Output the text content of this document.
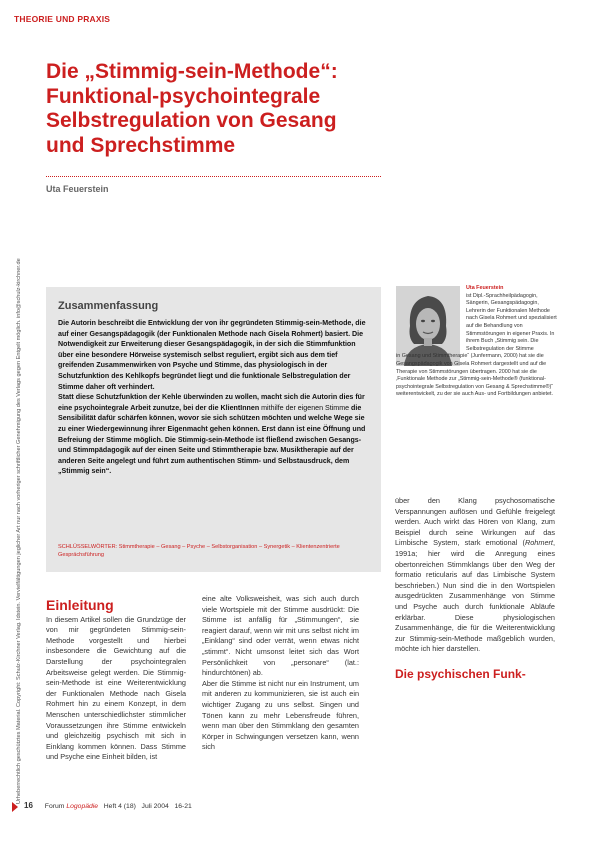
THEORIE UND PRAXIS
Urheberrechtlich geschütztes Material. Copyright: Schulz-Kirchner Verlag. Idstein. Vervielfältigungen jeglicher Art nur nach vorheriger schriftlicher Genehmigung des Verlags gegen Entgelt möglich. info@schulz-kirchner.de
Die „Stimmig-sein-Methode“:
Funktional-psychointegrale
Selbstregulation von Gesang
und Sprechstimme
Uta Feuerstein
Zusammenfassung

Die Autorin beschreibt die Entwicklung der von ihr gegründeten Stimmig-sein-Methode, die auf einer Gesangspädagogik (der Funktionalen Methode nach Gisela Rohmert) basiert. Die Notwendigkeit zur Erweiterung dieser Gesangspädagogik, in der sich die Stimmfunktion über eine besondere Hörweise systemisch selbst reguliert, ergibt sich aus dem tief greifenden Zusammenwirken von Psyche und Stimme, das physiologisch in der Schutzfunktion des Kehlkopfs begründet liegt und die funktionale Selbstregulation der Stimme daher oft verhindert.

Statt diese Schutzfunktion der Kehle überwinden zu wollen, macht sich die Autorin dies für eine psychointegrale Arbeit zunutze, bei der die KlientInnen mithilfe der eigenen Stimme die Sensibilität dafür schärfen können, wovor sie sich schützen möchten und welche Wege sie zu einer Wiedergewinnung ihrer Eigenmacht gehen können. Erst dann ist eine Öffnung und Befreiung der Stimme möglich. Die Stimmig-sein-Methode ist fließend zwischen Gesangs- und Stimmpädagogik auf der einen Seite und Stimmtherapie bzw. Musiktherapie auf der anderen Seite angelegt und führt zum authentischen Stimm- und Selbstausdruck, dem „Stimmig sein“.

SCHLÜSSELWÖRTER: Stimmtherapie – Gesang – Psyche – Selbstorganisation – Synergetik – Klientenzentrierte Gesprächsführung
Uta Feuerstein
ist Dipl.-Sprachheilpädagogin, Sängerin, Gesangspädagogin, Lehrerin der Funktionalen Methode nach Gisela Rohmert und spezialisiert auf die Behandlung von Stimmstörungen in eigener Praxis. In ihrem Buch „Stimmig sein. Die Selbstregulation der Stimme
in Gesang und Stimmtherapie“ (Junfermann, 2000) hat sie die Gesangspädagogik von Gisela Rohmert dargestellt und auf die Therapie von Stimmstörungen übertragen. 2000 hat sie die ‚Funktionale Methode zur „Stimmig-sein-Methode® (funktional-psychointegrale Selbstregulation von Gesang & Sprechstimme®)“ weiterentwickelt, zu der sie auch Aus- und Fortbildungen anbietet.
Einleitung
In diesem Artikel sollen die Grundzüge der von mir gegründeten Stimmig-sein-Methode vorgestellt und hierbei insbesondere die Gewichtung auf die Darstellung der psychointegralen Arbeitsweise gelegt werden. Die Stimmig-sein-Methode ist eine Weiterentwicklung der Funktionalen Methode nach Gisela Rohmert hin zu einem Konzept, in dem Menschen unterschiedlichster stimmlicher Voraussetzungen ihre Stimme entwickeln und gleichzeitig psychisch mit sich in Einklang kommen können. Dass Stimme und Psyche eine Einheit bilden, ist
eine alte Volksweisheit, was sich auch durch viele Wortspiele mit der Stimme ausdrückt: Die Stimme ist anfällig für „Stimmungen“, sie reagiert darauf, wenn wir mit uns selbst nicht im „Einklang“ sind oder verrät, wenn etwas nicht „stimmt“. Nicht umsonst leitet sich das Wort Persönlichkeit von „personare“ (lat.: hindurchtönen) ab.
Aber die Stimme ist nicht nur ein Instrument, um mit anderen zu kommunizieren, sie ist auch ein wichtiger Zugang zu uns selbst. Singen und Tönen kann zu mehr Lebensfreude führen, wenn man über den Stimmklang den gesamten Körper in Schwingungen versetzen kann, wenn sich
über den Klang psychosomatische Verspannungen auflösen und Gefühle freigelegt werden. Auch wirkt das Hören von Klang, zum Beispiel durch seine Wirkungen auf das Limbische System, stark emotional (Rohmert, 1991a; hier wird die Anregung eines obertonreichen Stimmklangs über den Weg der formatio reticularis auf das Limbische System beschrieben.) Nun sind die in den Wortspielen ausgedrückten Zusammenhänge von Stimme und Psyche auch durch funktionale Abläufe erklärbar. Diese physiologischen Zusammenhänge, die für die Weiterentwicklung zur Stimmig-sein-Methode maßgeblich wurden, möchte ich hier darstellen.
Die psychischen Funk-
16 Forum Logopädie Heft 4 (18) Juli 2004 16-21
